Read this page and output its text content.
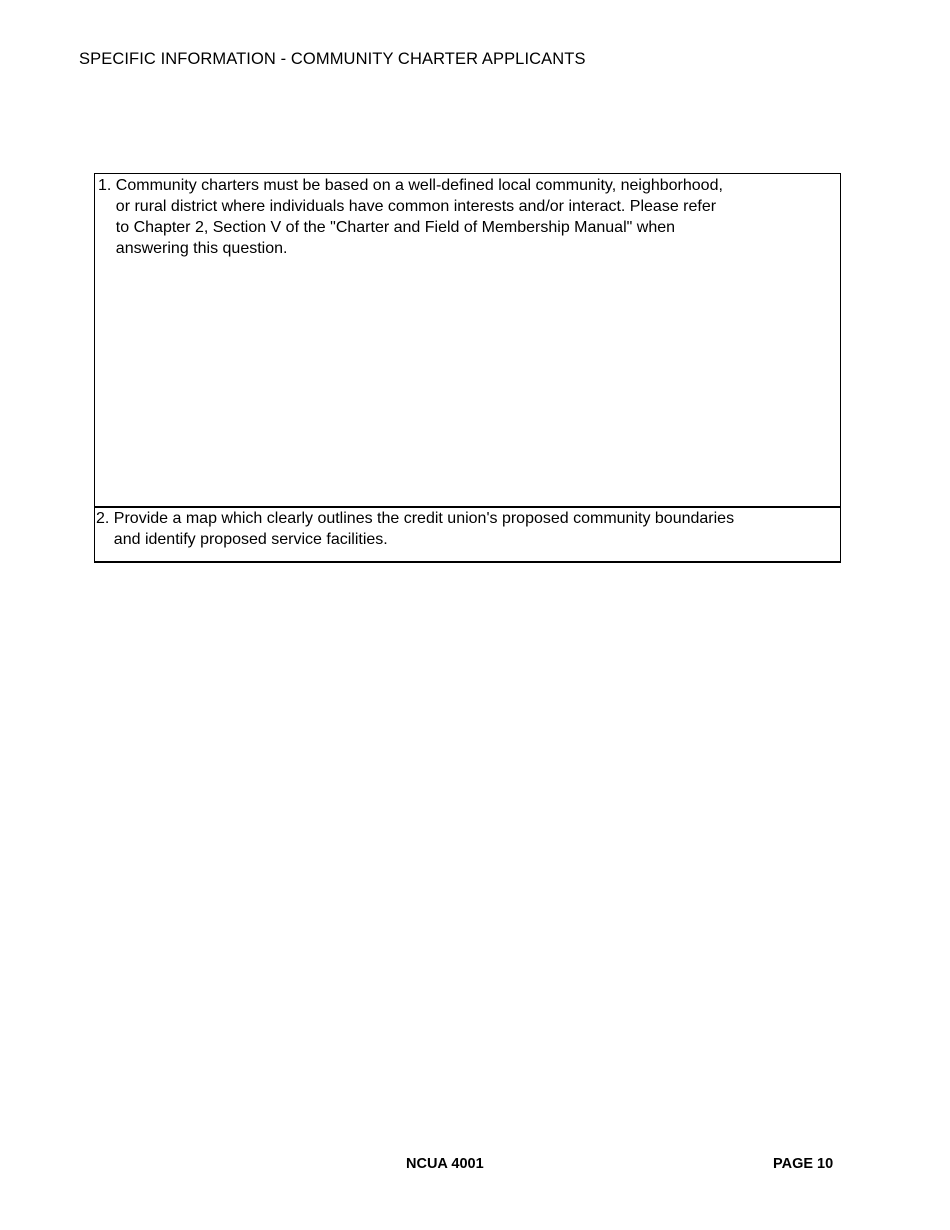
SPECIFIC INFORMATION - COMMUNITY CHARTER APPLICANTS
1. Community charters must be based on a well-defined local community, neighborhood,
or rural district where individuals have common interests and/or interact. Please refer
to Chapter 2, Section V of the "Charter and Field of Membership Manual" when
answering this question.
2. Provide a map which clearly outlines the credit union's proposed community boundaries
and identify proposed service facilities.
NCUA 4001	PAGE 10
